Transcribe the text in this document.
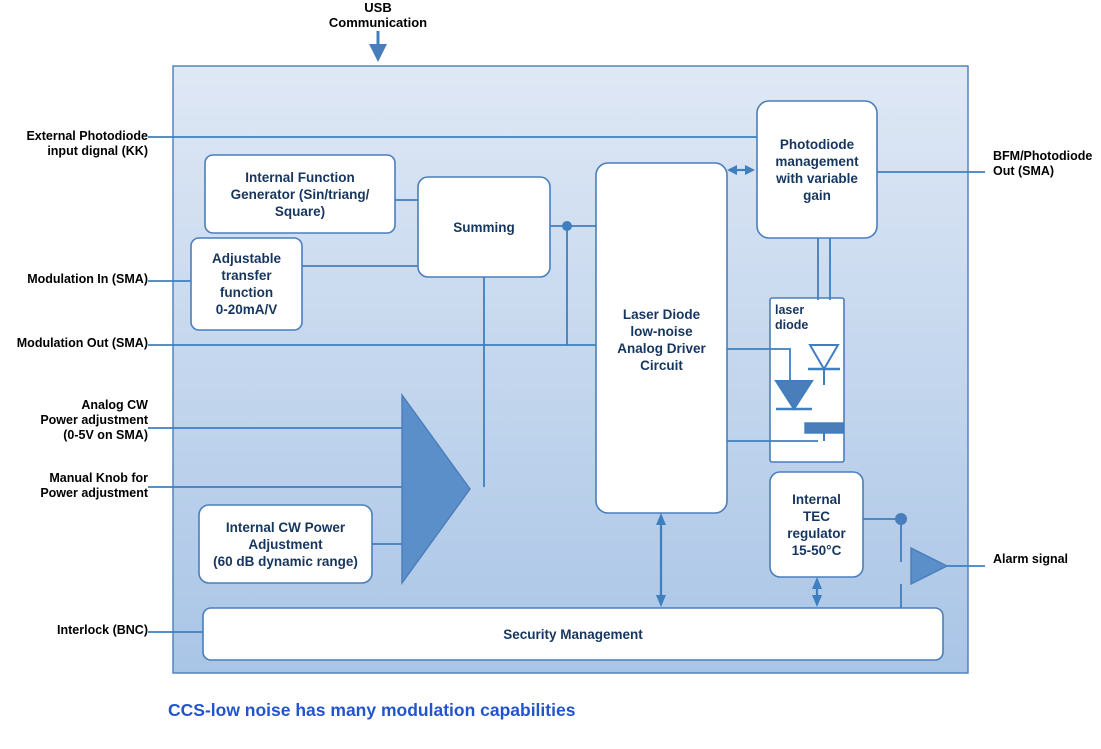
USB
Communication
External Photodiode
input dignal (KK)
Modulation In (SMA)
Modulation Out (SMA)
Analog CW
Power adjustment
(0-5V on SMA)
Manual Knob for
Power adjustment
Interlock (BNC)
BFM/Photodiode
Out (SMA)
Alarm signal
Internal Function
Generator (Sin/triang/
Square)
Adjustable
transfer
function
0-20mA/V
Summing
Laser Diode
low-noise
Analog Driver
Circuit
Photodiode
management
with variable
gain
laser
diode
Internal
TEC
regulator
15-50°C
Internal CW Power
Adjustment
(60 dB dynamic range)
Security Management
CCS-low noise has many modulation capabilities
